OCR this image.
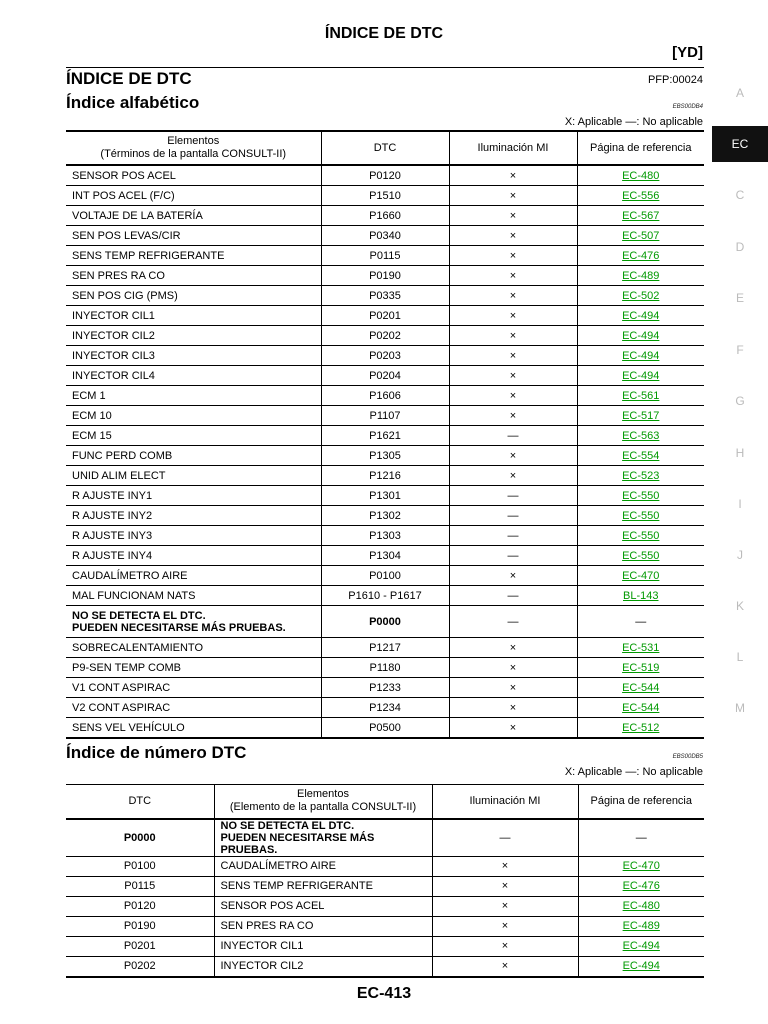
ÍNDICE DE DTC
[YD]
ÍNDICE DE DTC	PFP:00024
Índice alfabético	EBS00DB4
X: Aplicable —: No aplicable
Elementos
(Términos de la pantalla CONSULT-II)	DTC	Iluminación MI	Página de referencia

SENSOR POS ACEL	P0120	×	EC-480

INT POS ACEL (F/C)	P1510	×	EC-556

VOLTAJE DE LA BATERÍA	P1660	×	EC-567

SEN POS LEVAS/CIR	P0340	×	EC-507

SENS TEMP REFRIGERANTE	P0115	×	EC-476

SEN PRES RA CO	P0190	×	EC-489

SEN POS CIG (PMS)	P0335	×	EC-502

INYECTOR CIL1	P0201	×	EC-494

INYECTOR CIL2	P0202	×	EC-494

INYECTOR CIL3	P0203	×	EC-494

INYECTOR CIL4	P0204	×	EC-494

ECM 1	P1606	×	EC-561

ECM 10	P1107	×	EC-517

ECM 15	P1621	—	EC-563

FUNC PERD COMB	P1305	×	EC-554

UNID ALIM ELECT	P1216	×	EC-523

R AJUSTE INY1	P1301	—	EC-550

R AJUSTE INY2	P1302	—	EC-550

R AJUSTE INY3	P1303	—	EC-550

R AJUSTE INY4	P1304	—	EC-550

CAUDALÍMETRO AIRE	P0100	×	EC-470

MAL FUNCIONAM NATS	P1610 - P1617	—	BL-143

NO SE DETECTA EL DTC.
PUEDEN NECESITARSE MÁS PRUEBAS.	P0000	—	—

SOBRECALENTAMIENTO	P1217	×	EC-531

P9-SEN TEMP COMB	P1180	×	EC-519

V1 CONT ASPIRAC	P1233	×	EC-544

V2 CONT ASPIRAC	P1234	×	EC-544

SENS VEL VEHÍCULO	P0500	×	EC-512
Índice de número DTC	EBS00DB5
X: Aplicable —: No aplicable
DTC	Elementos
(Elemento de la pantalla CONSULT-II)	Iluminación MI	Página de referencia
P0000	NO SE DETECTA EL DTC.
PUEDEN NECESITARSE MÁS PRUEBAS.	—	—
P0100	CAUDALÍMETRO AIRE	×	EC-470
P0115	SENS TEMP REFRIGERANTE	×	EC-476
P0120	SENSOR POS ACEL	×	EC-480
P0190	SEN PRES RA CO	×	EC-489
P0201	INYECTOR CIL1	×	EC-494
P0202	INYECTOR CIL2	×	EC-494
A
EC
C
D
E
F
G
H
I
J
K
L
M
EC-413
